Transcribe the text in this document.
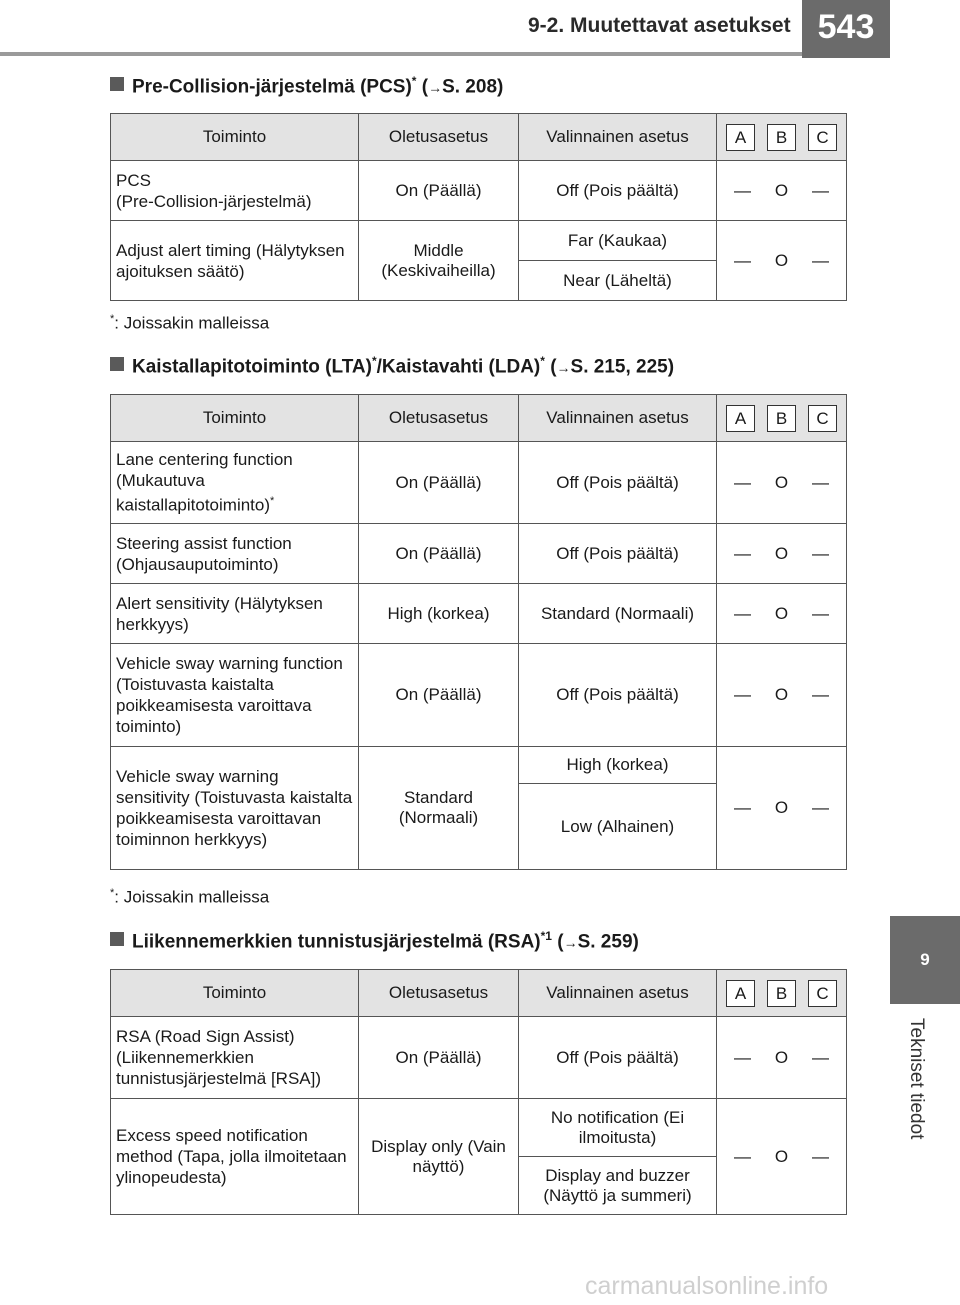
9-2. Muutettavat asetukset 543
9
Tekniset tiedot
Pre-Collision-järjestelmä (PCS)* (→S. 208)
Toiminto	Oletusasetus	Valinnainen asetus	A B C

PCS
(Pre-Collision-järjestelmä)	On (Päällä)	Off (Pois päältä)	— O —

Adjust alert timing (Hälytyksen ajoituksen säätö)	Middle (Keskivaiheilla)	Far (Kaukaa)	— O —

		Near (Läheltä)	
*: Joissakin malleissa
Kaistallapitotoiminto (LTA)*/Kaistavahti (LDA)* (→S. 215, 225)
Toiminto	Oletusasetus	Valinnainen asetus	A B C

Lane centering function (Mukautuva kaistallapitotoiminto)*	On (Päällä)	Off (Pois päältä)	— O —

Steering assist function (Ohjausauputoiminto)	On (Päällä)	Off (Pois päältä)	— O —

Alert sensitivity (Hälytyksen herkkyys)	High (korkea)	Standard (Normaali)	— O —

Vehicle sway warning function (Toistuvasta kaistalta poikkeamisesta varoittava toiminto)	On (Päällä)	Off (Pois päältä)	— O —

Vehicle sway warning sensitivity (Toistuvasta kaistalta poikkeamisesta varoittavan toiminnon herkkyys)	Standard (Normaali)	High (korkea)	— O —

		Low (Alhainen)	
*: Joissakin malleissa
Liikennemerkkien tunnistusjärjestelmä (RSA)$^{*1}$ (→S. 259)
Toiminto	Oletusasetus	Valinnainen asetus	A B C

RSA (Road Sign Assist) (Liikennemerkkien tunnistusjärjestelmä [RSA])	On (Päällä)	Off (Pois päältä)	— O —

Excess speed notification method (Tapa, jolla ilmoitetaan ylinopeudesta)	Display only (Vain näyttö)	No notification (Ei ilmoitusta)	— O —

		Display and buzzer (Näyttö ja summeri)	
carmanualsonline.info
